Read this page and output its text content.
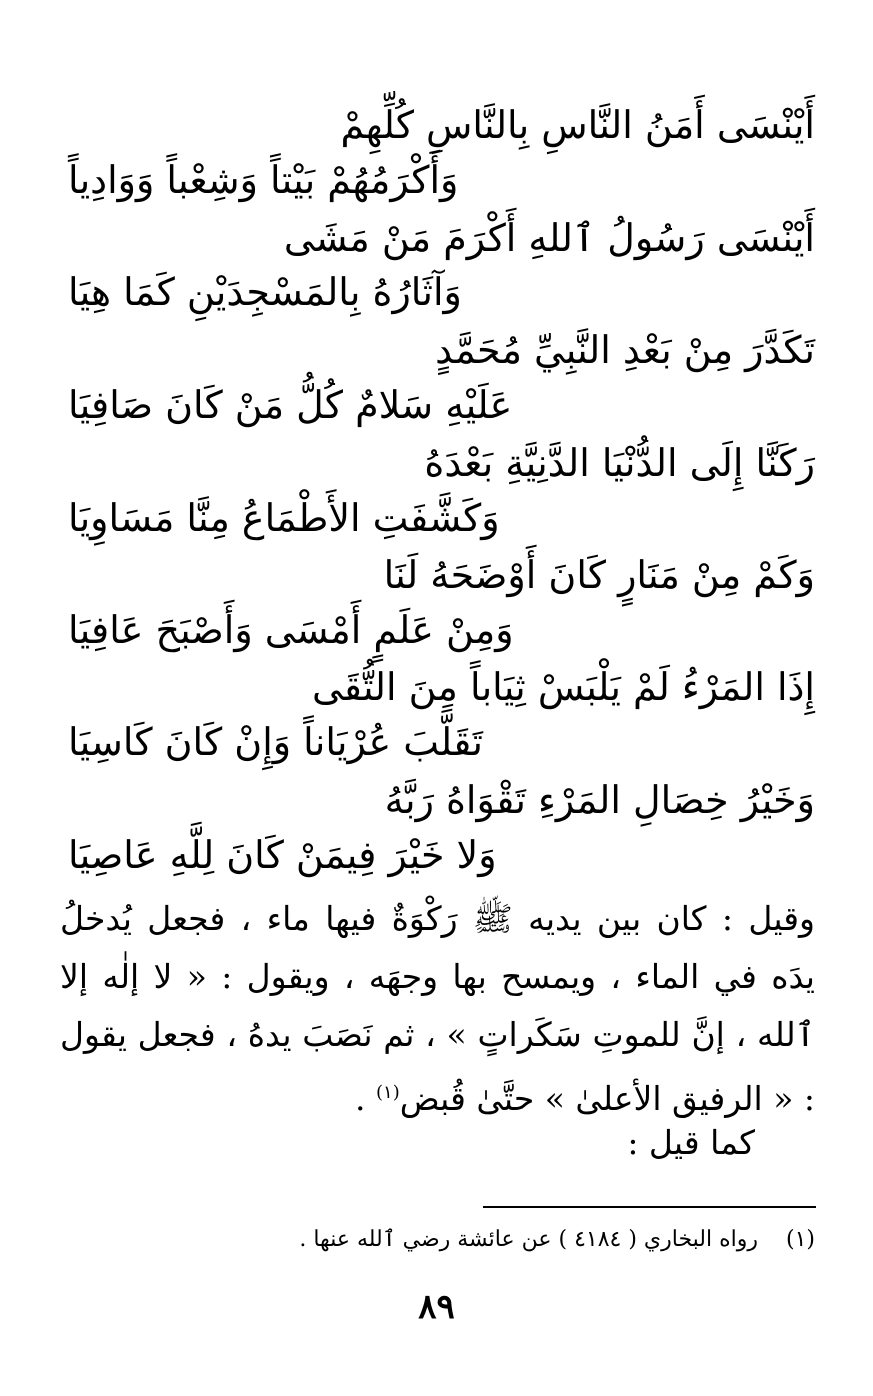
أَيْنْسَى أَمَنُ النَّاسِ بِالنَّاسِ كُلِّهِمْ
وَأَكْرَمُهُمْ بَيْتاً وَشِعْباً وَوَادِياً
أَيْنْسَى رَسُولُ ٱللهِ أَكْرَمَ مَنْ مَشَى
وَآثَارُهُ بِالمَسْجِدَيْنِ كَمَا هِيَا
تَكَدَّرَ مِنْ بَعْدِ النَّبِيِّ مُحَمَّدٍ
عَلَيْهِ سَلامٌ كُلُّ مَنْ كَانَ صَافِيَا
رَكَنَّا إِلَى الدُّنْيَا الدَّنِيَّةِ بَعْدَهُ
وَكَشَّفَتِ الأَطْمَاعُ مِنَّا مَسَاوِيَا
وَكَمْ مِنْ مَنَارٍ كَانَ أَوْضَحَهُ لَنَا
وَمِنْ عَلَمٍ أَمْسَى وَأَصْبَحَ عَافِيَا
إِذَا المَرْءُ لَمْ يَلْبَسْ ثِيَاباً مِنَ التُّقَى
تَقَلَّبَ عُرْيَاناً وَإِنْ كَانَ كَاسِيَا
وَخَيْرُ خِصَالِ المَرْءِ تَقْوَاهُ رَبَّهُ
وَلا خَيْرَ فِيمَنْ كَانَ لِلَّهِ عَاصِيَا
وقيل : كان بين يديه ﷺ رَكْوَةٌ فيها ماء ، فجعل يُدخلُ يدَه في الماء ، ويمسح بها وجهَه ، ويقول : « لا إلٰه إلا ٱلله ، إنَّ للموتِ سَكَراتٍ » ، ثم نَصَبَ يدهُ ، فجعل يقول : « الرفيق الأعلىٰ » حتَّىٰ قُبض$^{(١)}$ .
كما قيل :
(١)رواه البخاري ( ٤١٨٤ ) عن عائشة رضي ٱلله عنها .
٨٩
